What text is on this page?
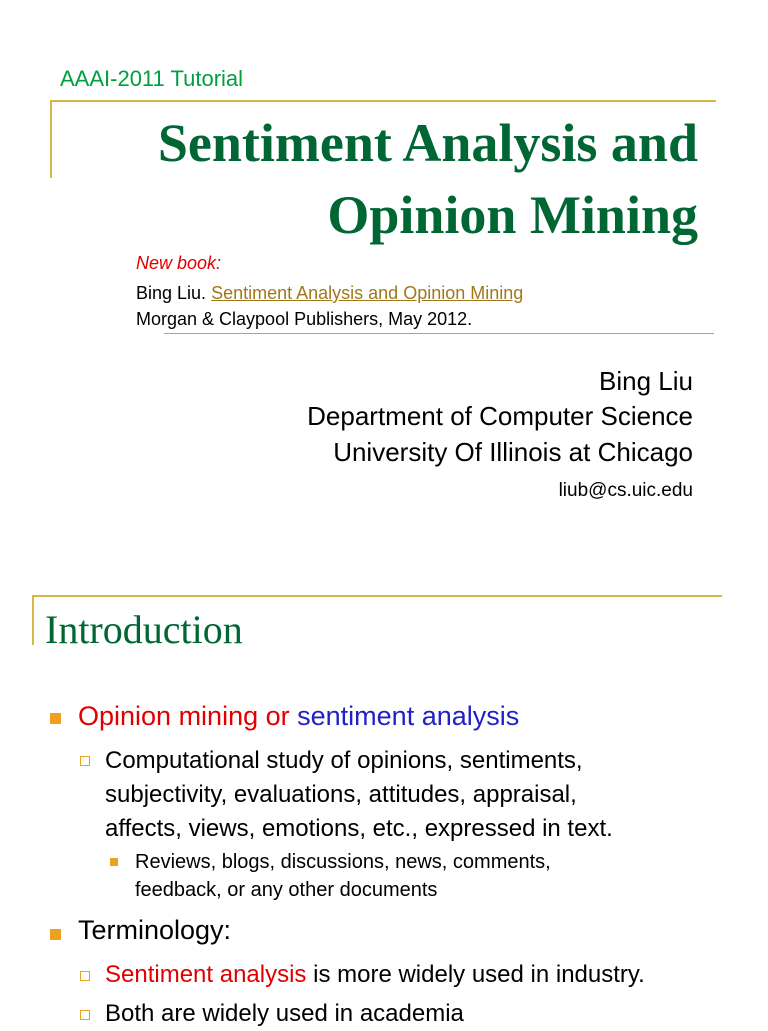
AAAI-2011 Tutorial
Sentiment Analysis and
Opinion Mining
New book:
Bing Liu. Sentiment Analysis and Opinion Mining
Morgan & Claypool Publishers, May 2012.
Bing Liu
Department of Computer Science
University Of Illinois at Chicago
liub@cs.uic.edu
Introduction
Opinion mining or sentiment analysis
Computational study of opinions, sentiments,
subjectivity, evaluations, attitudes, appraisal,
affects, views, emotions, etc., expressed in text.
Reviews, blogs, discussions, news, comments,
feedback, or any other documents
Terminology:
Sentiment analysis is more widely used in industry.
Both are widely used in academia
